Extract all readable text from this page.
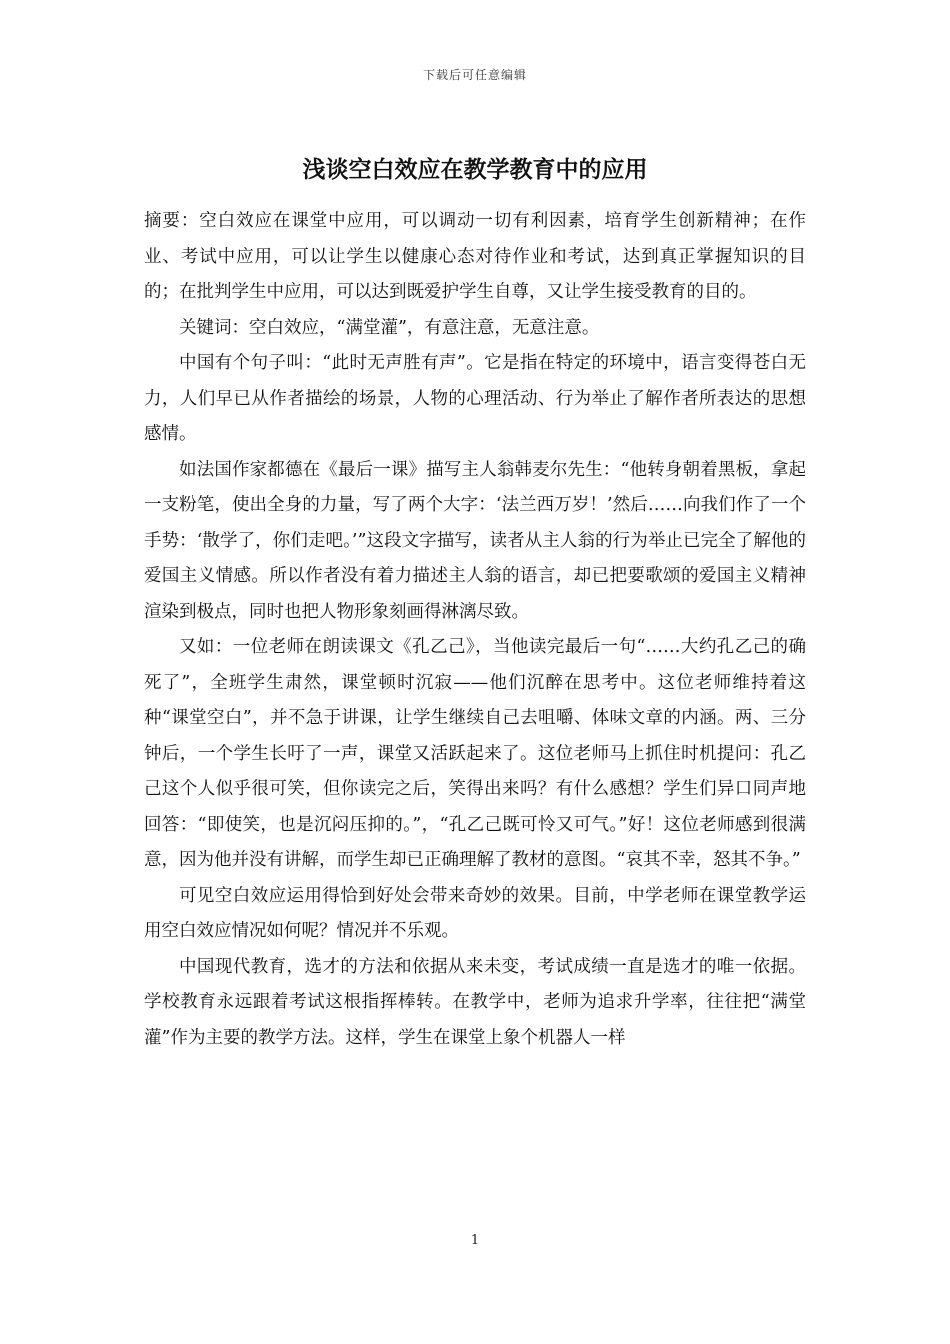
下载后可任意编辑
浅谈空白效应在教学教育中的应用

摘要：空白效应在课堂中应用，可以调动一切有利因素，培育学生创新精神；在作业、考试中应用，可以让学生以健康心态对待作业和考试，达到真正掌握知识的目的；在批判学生中应用，可以达到既爱护学生自尊，又让学生接受教育的目的。

关键词：空白效应，“满堂灌”，有意注意，无意注意。

中国有个句子叫：“此时无声胜有声”。它是指在特定的环境中，语言变得苍白无力，人们早已从作者描绘的场景，人物的心理活动、行为举止了解作者所表达的思想感情。

如法国作家都德在《最后一课》描写主人翁韩麦尔先生：“他转身朝着黑板，拿起一支粉笔，使出全身的力量，写了两个大字：‘法兰西万岁！’然后……向我们作了一个手势：‘散学了，你们走吧。’”这段文字描写，读者从主人翁的行为举止已完全了解他的爱国主义情感。所以作者没有着力描述主人翁的语言，却已把要歌颂的爱国主义精神渲染到极点，同时也把人物形象刻画得淋漓尽致。

又如：一位老师在朗读课文《孔乙己》，当他读完最后一句“……大约孔乙己的确死了”，全班学生肃然，课堂顿时沉寂——他们沉醉在思考中。这位老师维持着这种“课堂空白”，并不急于讲课，让学生继续自己去咀嚼、体味文章的内涵。两、三分钟后，一个学生长吁了一声，课堂又活跃起来了。这位老师马上抓住时机提问：孔乙己这个人似乎很可笑，但你读完之后，笑得出来吗？有什么感想？学生们异口同声地回答：“即使笑，也是沉闷压抑的。”，“孔乙己既可怜又可气。”好！这位老师感到很满意，因为他并没有讲解，而学生却已正确理解了教材的意图。“哀其不幸，怒其不争。”

可见空白效应运用得恰到好处会带来奇妙的效果。目前，中学老师在课堂教学运用空白效应情况如何呢？情况并不乐观。

中国现代教育，选才的方法和依据从来未变，考试成绩一直是选才的唯一依据。学校教育永远跟着考试这根指挥棒转。在教学中，老师为追求升学率，往往把“满堂灌”作为主要的教学方法。这样，学生在课堂上象个机器人一样

1
